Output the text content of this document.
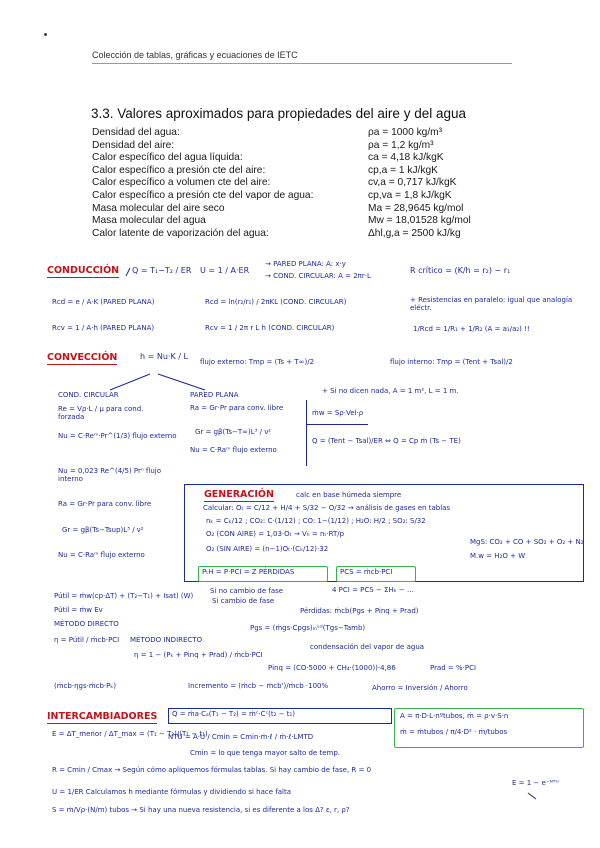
Colección de tablas, gráficas y ecuaciones de IETC
3.3. Valores aproximados para propiedades del aire y del agua
Densidad del agua:	ρa = 1000 kg/m³
Densidad del aire:	ρa = 1,2 kg/m³
Calor específico del agua líquida:	ca = 4,18 kJ/kgK
Calor específico a presión cte del aire:	cp,a = 1 kJ/kgK
Calor específico a volumen cte del aire:	cv,a = 0,717 kJ/kgK
Calor específico a presión cte del vapor de agua:	cp,va = 1,8 kJ/kgK
Masa molecular del aire seco	Ma = 28,9645 kg/mol
Masa molecular del agua	Mw = 18,01528 kg/mol
Calor latente de vaporización del agua:	Δhl,g,a = 2500 kJ/kg
CONDUCCIÓN Q = T₁−T₂ / ER U = 1 / A·ER
→ PARED PLANA: A: x·y
→ COND. CIRCULAR: A = 2πr·L
R crítico = (K/h = r₂) − r₁
Rcd = e / A·K (PARED PLANA)	Rcd = ln(r₂/r₁) / 2πKL (COND. CIRCULAR)	+ Resistencias en paralelo: igual que analogía eléctr.
1/Rcd = 1/R₁ + 1/R₂ (A = a₁/a₂) !!
Rcv = 1 / A·h (PARED PLANA)	Rcv = 1 / 2π r L h (COND. CIRCULAR)
CONVECCIÓN	h = Nu·K / L
flujo externo: Tmp = (Ts + T∞)/2	flujo interno: Tmp = (Tent + Tsal)/2
COND. CIRCULAR	PARED PLANA
Re = Vρ·L / μ para cond. forzada
Ra = Gr·Pr para conv. libre
Gr = gβ(Ts−T∞)L³ / ν²
Nu = C·Raᵐ flujo externo
Nu = C·Reᵐ·Pr^(1/3) flujo externo
Nu = 0,023 Re^(4/5) Prⁿ flujo interno
Ra = Gr·Pr para conv. libre
Gr = gβ(Ts−Tsup)L³ / ν²
Nu = C·Raᵐ flujo externo
+ Si no dicen nada, A = 1 m², L = 1 m.
ṁw = Sρ·Vel·ρ
Q = (Tent − Tsal)/ER ⇔ Q = Cp ṁ (Ts − TE)
GENERACIÓN	calc en base húmeda siempre
Calcular: Oₜ = C/12 + H/4 + S/32 − O/32 → análisis de gases en tablas
nₖ = Cₖ/12 ; CO₂: C·(1/12) ; CO: 1−(1/12) ; H₂O: H/2 ; SO₂: S/32
O₂ (CON AIRE) = 1,03·Oₜ → Vₕ = nₜ·RT/p
O₂ (SIN AIRE) = (n−1)Oₜ·(Cₖ/12)·32
MgS: CO₂ + CO + SO₂ + O₂ + N₂
M.w = H₂O + W
PₜH = P·PCI = Z PÉRDIDAS	PCS = ṁcb·PCI
4 PCI = PCS − ΣHₖ − ...
Pútil = ṁw(cp·ΔT) + (T₂−T₁) + Isat) (W)
Pútil = ṁw Ev
Si no cambio de fase
Si cambio de fase
Pérdidas: ṁcb(Pgs + Pinq + Prad)
MÉTODO DIRECTO
η = Pútil / ṁcb·PCI
Pgs = (ṁgs·Cpgs)ₘᵉᵈ(Tgs−Tamb)
MÉTODO INDIRECTO
η = 1 − (Pₖ + Pinq + Prad) / ṁcb·PCI
condensación del vapor de agua
Pinq = (CO·5000 + CH₄·(1000))·4,86	Prad = %·PCI
(ṁcb·ηgs·ṁcb·Pₖ)	Incremento = (ṁcb − ṁcb')/ṁcb ·100%	Ahorro = Inversión / Ahorro
INTERCAMBIADORES Q = ṁa·Cₐ(T₁ − T₂) = ṁᶜ·Cᶜ(t₂ − t₁)
E = ΔT_menor / ΔT_max = (T₁ − T₂)/(T₁ − t₁)
NTU = A·U / Cmin = Cmin·ṁ·ℓ / ṁ·ℓ·LMTD
Cmin = lo que tenga mayor salto de temp.
A = π·D·L·nºtubos, ṁ = ρ·v·S·n
ṁ = ṁtubos / π/4·D² · ṁ/tubos
R = Cmin / Cmax → Según cómo apliquemos fórmulas tablas. Si hay cambio de fase, R = 0
E = 1 − e⁻ᴺᵀᵁ
U = 1/ER Calculamos h mediante fórmulas y dividiendo si hace falta
S = ṁ/Vρ·(N/m) tubos → Si hay una nueva resistencia, si es diferente a los Δ? ε, r, ρ?
